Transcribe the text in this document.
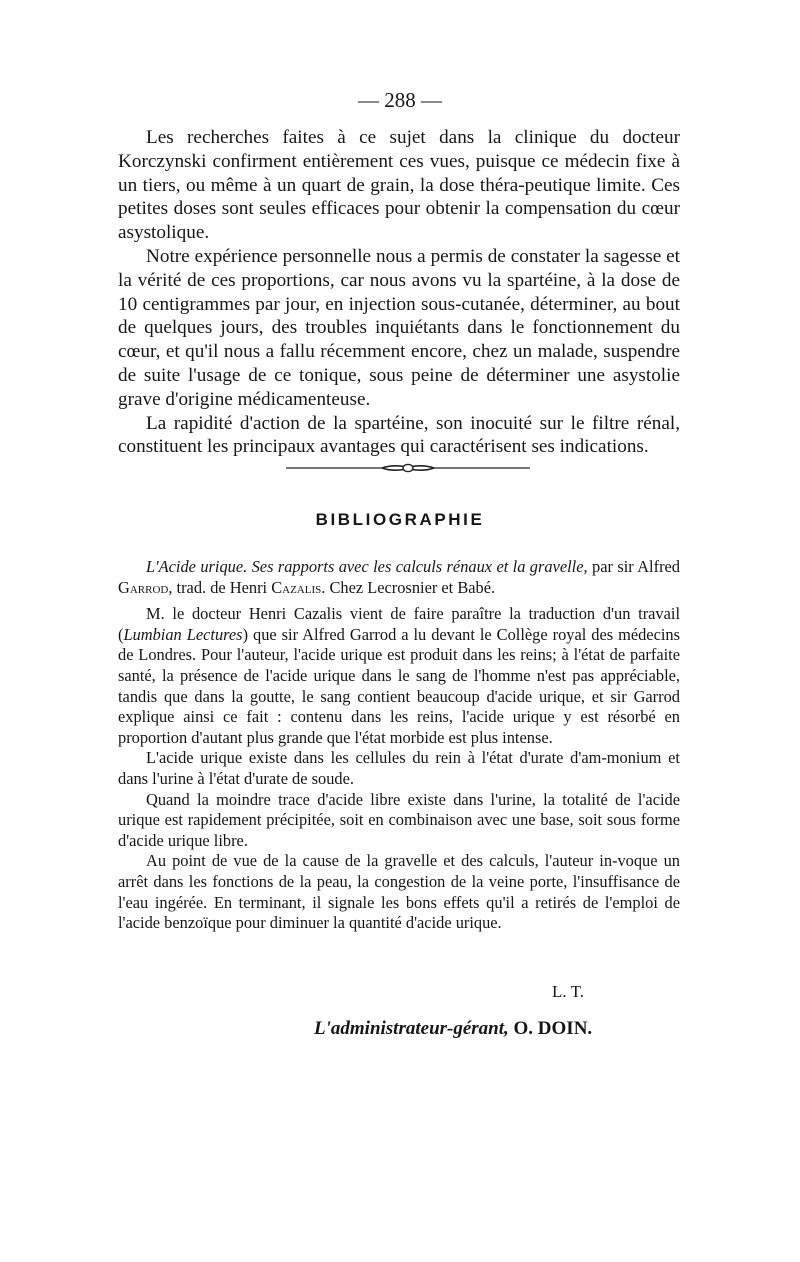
— 288 —

Les recherches faites à ce sujet dans la clinique du docteur Korczynski confirment entièrement ces vues, puisque ce médecin fixe à un tiers, ou même à un quart de grain, la dose théra-peutique limite. Ces petites doses sont seules efficaces pour obtenir la compensation du cœur asystolique.

Notre expérience personnelle nous a permis de constater la sagesse et la vérité de ces proportions, car nous avons vu la spartéine, à la dose de 10 centigrammes par jour, en injection sous-cutanée, déterminer, au bout de quelques jours, des troubles inquiétants dans le fonctionnement du cœur, et qu'il nous a fallu récemment encore, chez un malade, suspendre de suite l'usage de ce tonique, sous peine de déterminer une asystolie grave d'origine médicamenteuse.

La rapidité d'action de la spartéine, son inocuité sur le filtre rénal, constituent les principaux avantages qui caractérisent ses indications.

BIBLIOGRAPHIE

L'Acide urique. Ses rapports avec les calculs rénaux et la gravelle, par sir Alfred Garrod, trad. de Henri Cazalis. Chez Lecrosnier et Babé.

M. le docteur Henri Cazalis vient de faire paraître la traduction d'un travail (Lumbian Lectures) que sir Alfred Garrod a lu devant le Collège royal des médecins de Londres. Pour l'auteur, l'acide urique est produit dans les reins; à l'état de parfaite santé, la présence de l'acide urique dans le sang de l'homme n'est pas appréciable, tandis que dans la goutte, le sang contient beaucoup d'acide urique, et sir Garrod explique ainsi ce fait : contenu dans les reins, l'acide urique y est résorbé en proportion d'autant plus grande que l'état morbide est plus intense.

L'acide urique existe dans les cellules du rein à l'état d'urate d'am-monium et dans l'urine à l'état d'urate de soude.

Quand la moindre trace d'acide libre existe dans l'urine, la totalité de l'acide urique est rapidement précipitée, soit en combinaison avec une base, soit sous forme d'acide urique libre.

Au point de vue de la cause de la gravelle et des calculs, l'auteur in-voque un arrêt dans les fonctions de la peau, la congestion de la veine porte, l'insuffisance de l'eau ingérée. En terminant, il signale les bons effets qu'il a retirés de l'emploi de l'acide benzoïque pour diminuer la quantité d'acide urique.

L. T.
L'administrateur-gérant, O. DOIN.
